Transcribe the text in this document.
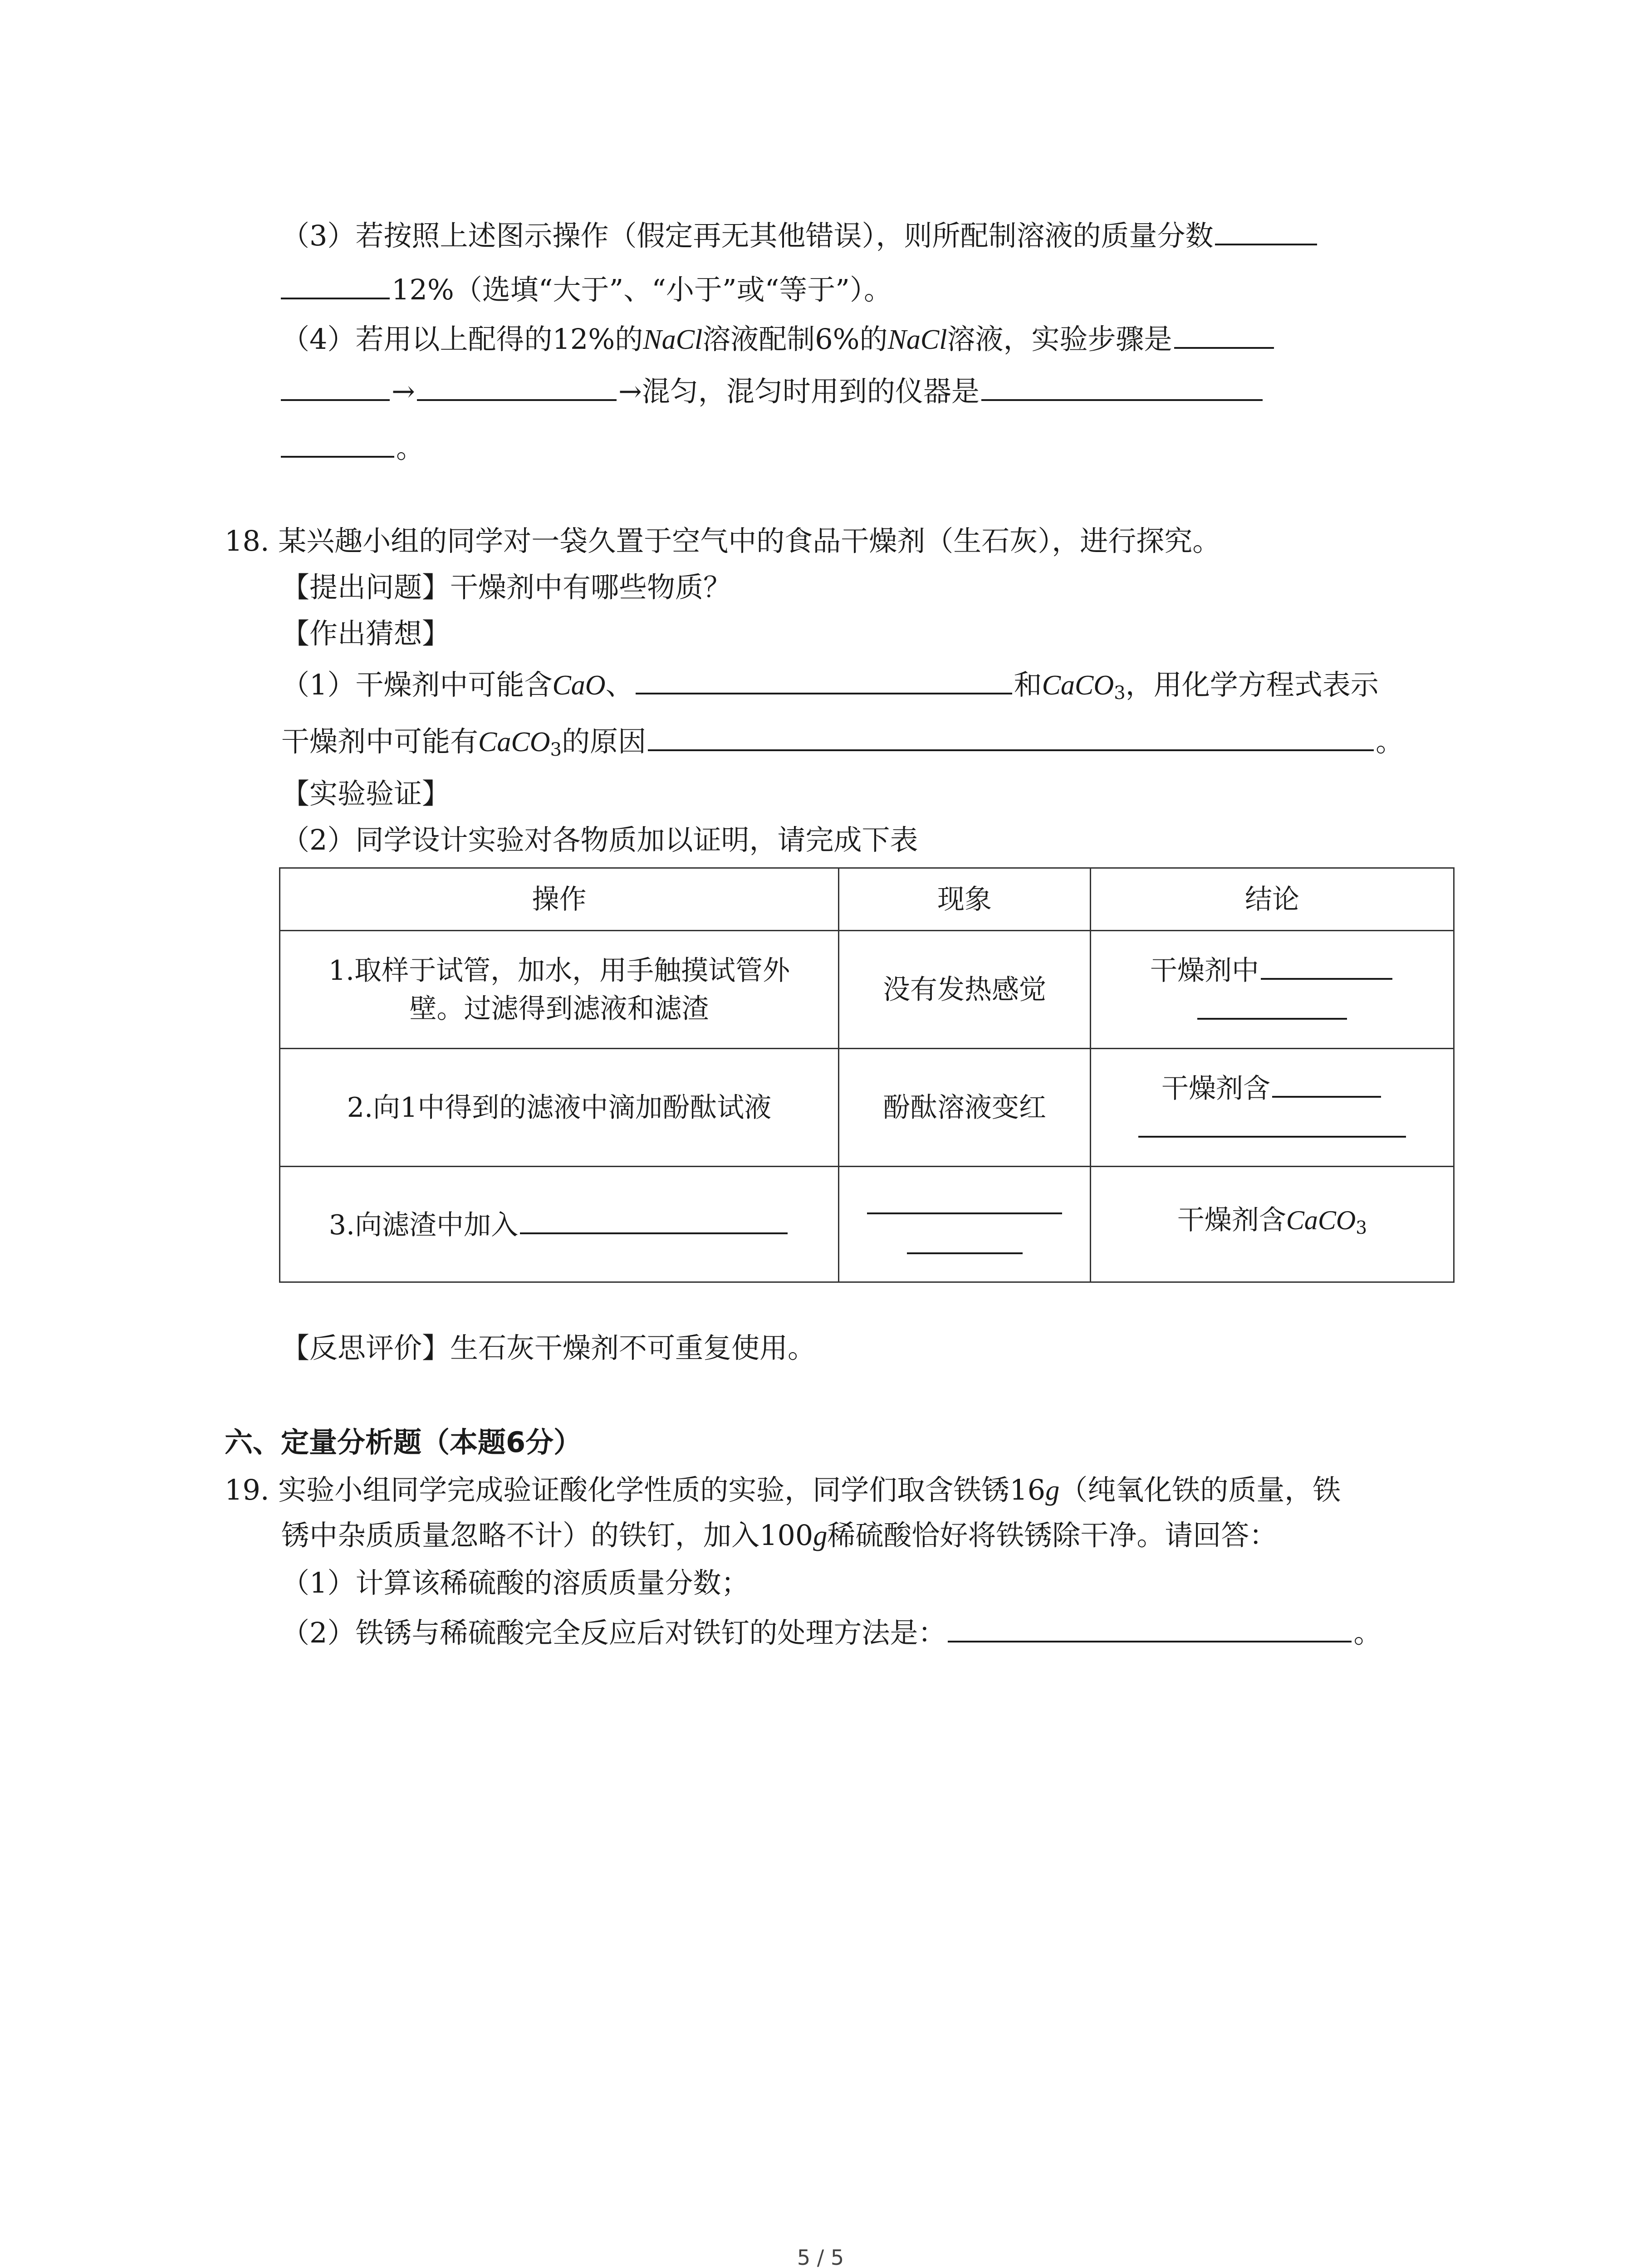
（3）若按照上述图示操作（假定再无其他错误），则所配制溶液的质量分数
12%（选填“大于”、“小于”或“等于”）。
（4）若用以上配得的12%的NaCl溶液配制6%的NaCl溶液，实验步骤是
→	→混匀，混匀时用到的仪器是
。
18. 某兴趣小组的同学对一袋久置于空气中的食品干燥剂（生石灰），进行探究。
【提出问题】干燥剂中有哪些物质？
【作出猜想】
（1）干燥剂中可能含CaO、	和CaCO$_3$，用化学方程式表示
干燥剂中可能有CaCO$_3$的原因	。
【实验验证】
（2）同学设计实验对各物质加以证明，请完成下表
操作	现象	结论

1.取样于试管，加水，用手触摸试管外
壁。过滤得到滤液和滤渣	没有发热感觉	干燥剂中

2.向1中得到的滤液中滴加酚酞试液	酚酞溶液变红	干燥剂含

3.向滤渣中加入		干燥剂含CaCO$_3$
【反思评价】生石灰干燥剂不可重复使用。
六、定量分析题（本题6分）
19. 实验小组同学完成验证酸化学性质的实验，同学们取含铁锈16g（纯氧化铁的质量，铁
锈中杂质质量忽略不计）的铁钉，加入100g稀硫酸恰好将铁锈除干净。请回答：
（1）计算该稀硫酸的溶质质量分数；
（2）铁锈与稀硫酸完全反应后对铁钉的处理方法是：	。
5 / 5
